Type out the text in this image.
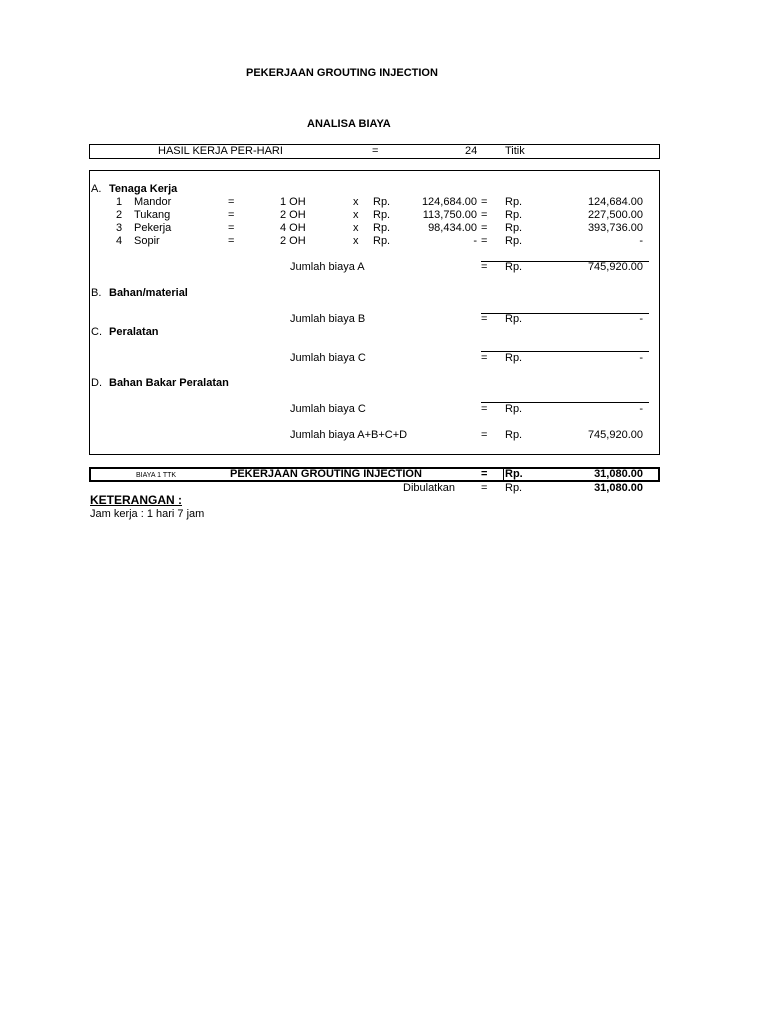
PEKERJAAN GROUTING INJECTION
ANALISA BIAYA
HASIL KERJA PER-HARI	=	24	Titik
A. Tenaga Kerja
1 Mandor	=	1 OH	x Rp.	124,684.00 = Rp.	124,684.00
2 Tukang	=	2 OH	x Rp.	113,750.00 = Rp.	227,500.00
3 Pekerja	=	4 OH	x Rp.	98,434.00 = Rp.	393,736.00
4 Sopir	=	2 OH	x Rp.	- = Rp.	-
Jumlah biaya A	= Rp.	745,920.00
B. Bahan/material
Jumlah biaya B	= Rp.	-
C. Peralatan
Jumlah biaya C	= Rp.	-
D. Bahan Bakar Peralatan
Jumlah biaya C	= Rp.	-
Jumlah biaya A+B+C+D	= Rp.	745,920.00
BIAYA 1 TTK	PEKERJAAN GROUTING INJECTION	= Rp.	31,080.00
Dibulatkan = Rp.	31,080.00
KETERANGAN :
Jam kerja : 1 hari 7 jam
